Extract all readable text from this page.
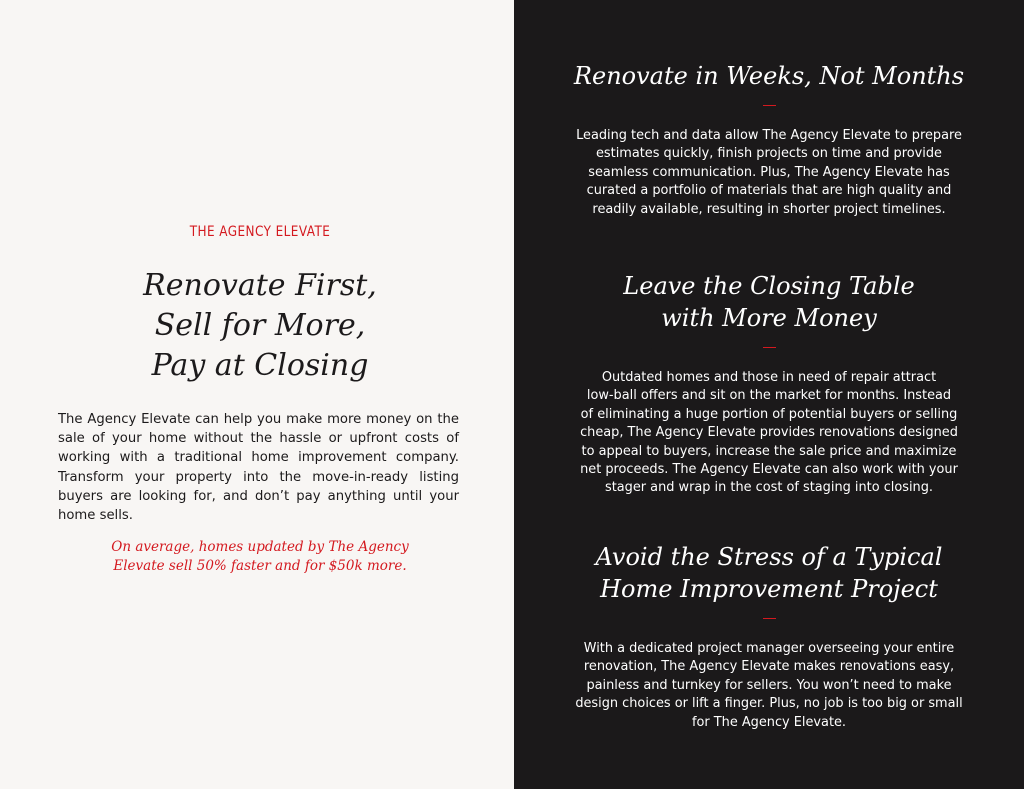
THE AGENCY ELEVATE
Renovate First,
Sell for More,
Pay at Closing

The Agency Elevate can help you make more money on the sale of your home without the hassle or upfront costs of working with a traditional home improvement company. Transform your property into the move-in-ready listing buyers are looking for, and don’t pay anything until your home sells.

On average, homes updated by The Agency
Elevate sell 50% faster and for $50k more.

Renovate in Weeks, Not Months

Leading tech and data allow The Agency Elevate to prepare
estimates quickly, finish projects on time and provide
seamless communication. Plus, The Agency Elevate has
curated a portfolio of materials that are high quality and
readily available, resulting in shorter project timelines.

Leave the Closing Table
with More Money

Outdated homes and those in need of repair attract
low-ball offers and sit on the market for months. Instead
of eliminating a huge portion of potential buyers or selling
cheap, The Agency Elevate provides renovations designed
to appeal to buyers, increase the sale price and maximize
net proceeds. The Agency Elevate can also work with your
stager and wrap in the cost of staging into closing.

Avoid the Stress of a Typical
Home Improvement Project

With a dedicated project manager overseeing your entire
renovation, The Agency Elevate makes renovations easy,
painless and turnkey for sellers. You won’t need to make
design choices or lift a finger. Plus, no job is too big or small
for The Agency Elevate.
